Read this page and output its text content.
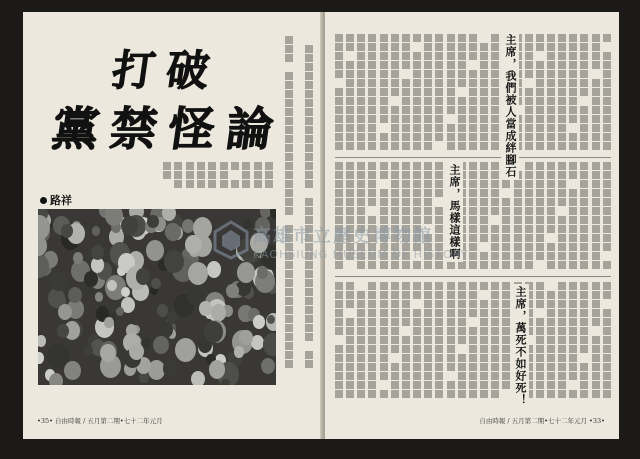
打 破
黨 禁 怪 論
路祥
•35• 自由時報 / 五月第二期•七十二年元月
主席，我們被人當成絆腳石
主席，馬樣這樣啊
主席，萬死不如好死！
自由時報 / 五月第二期•七十二年元月 •33•
高雄市立歷史博物館
KAOHSIUNG MUSEUM OF HISTORY
